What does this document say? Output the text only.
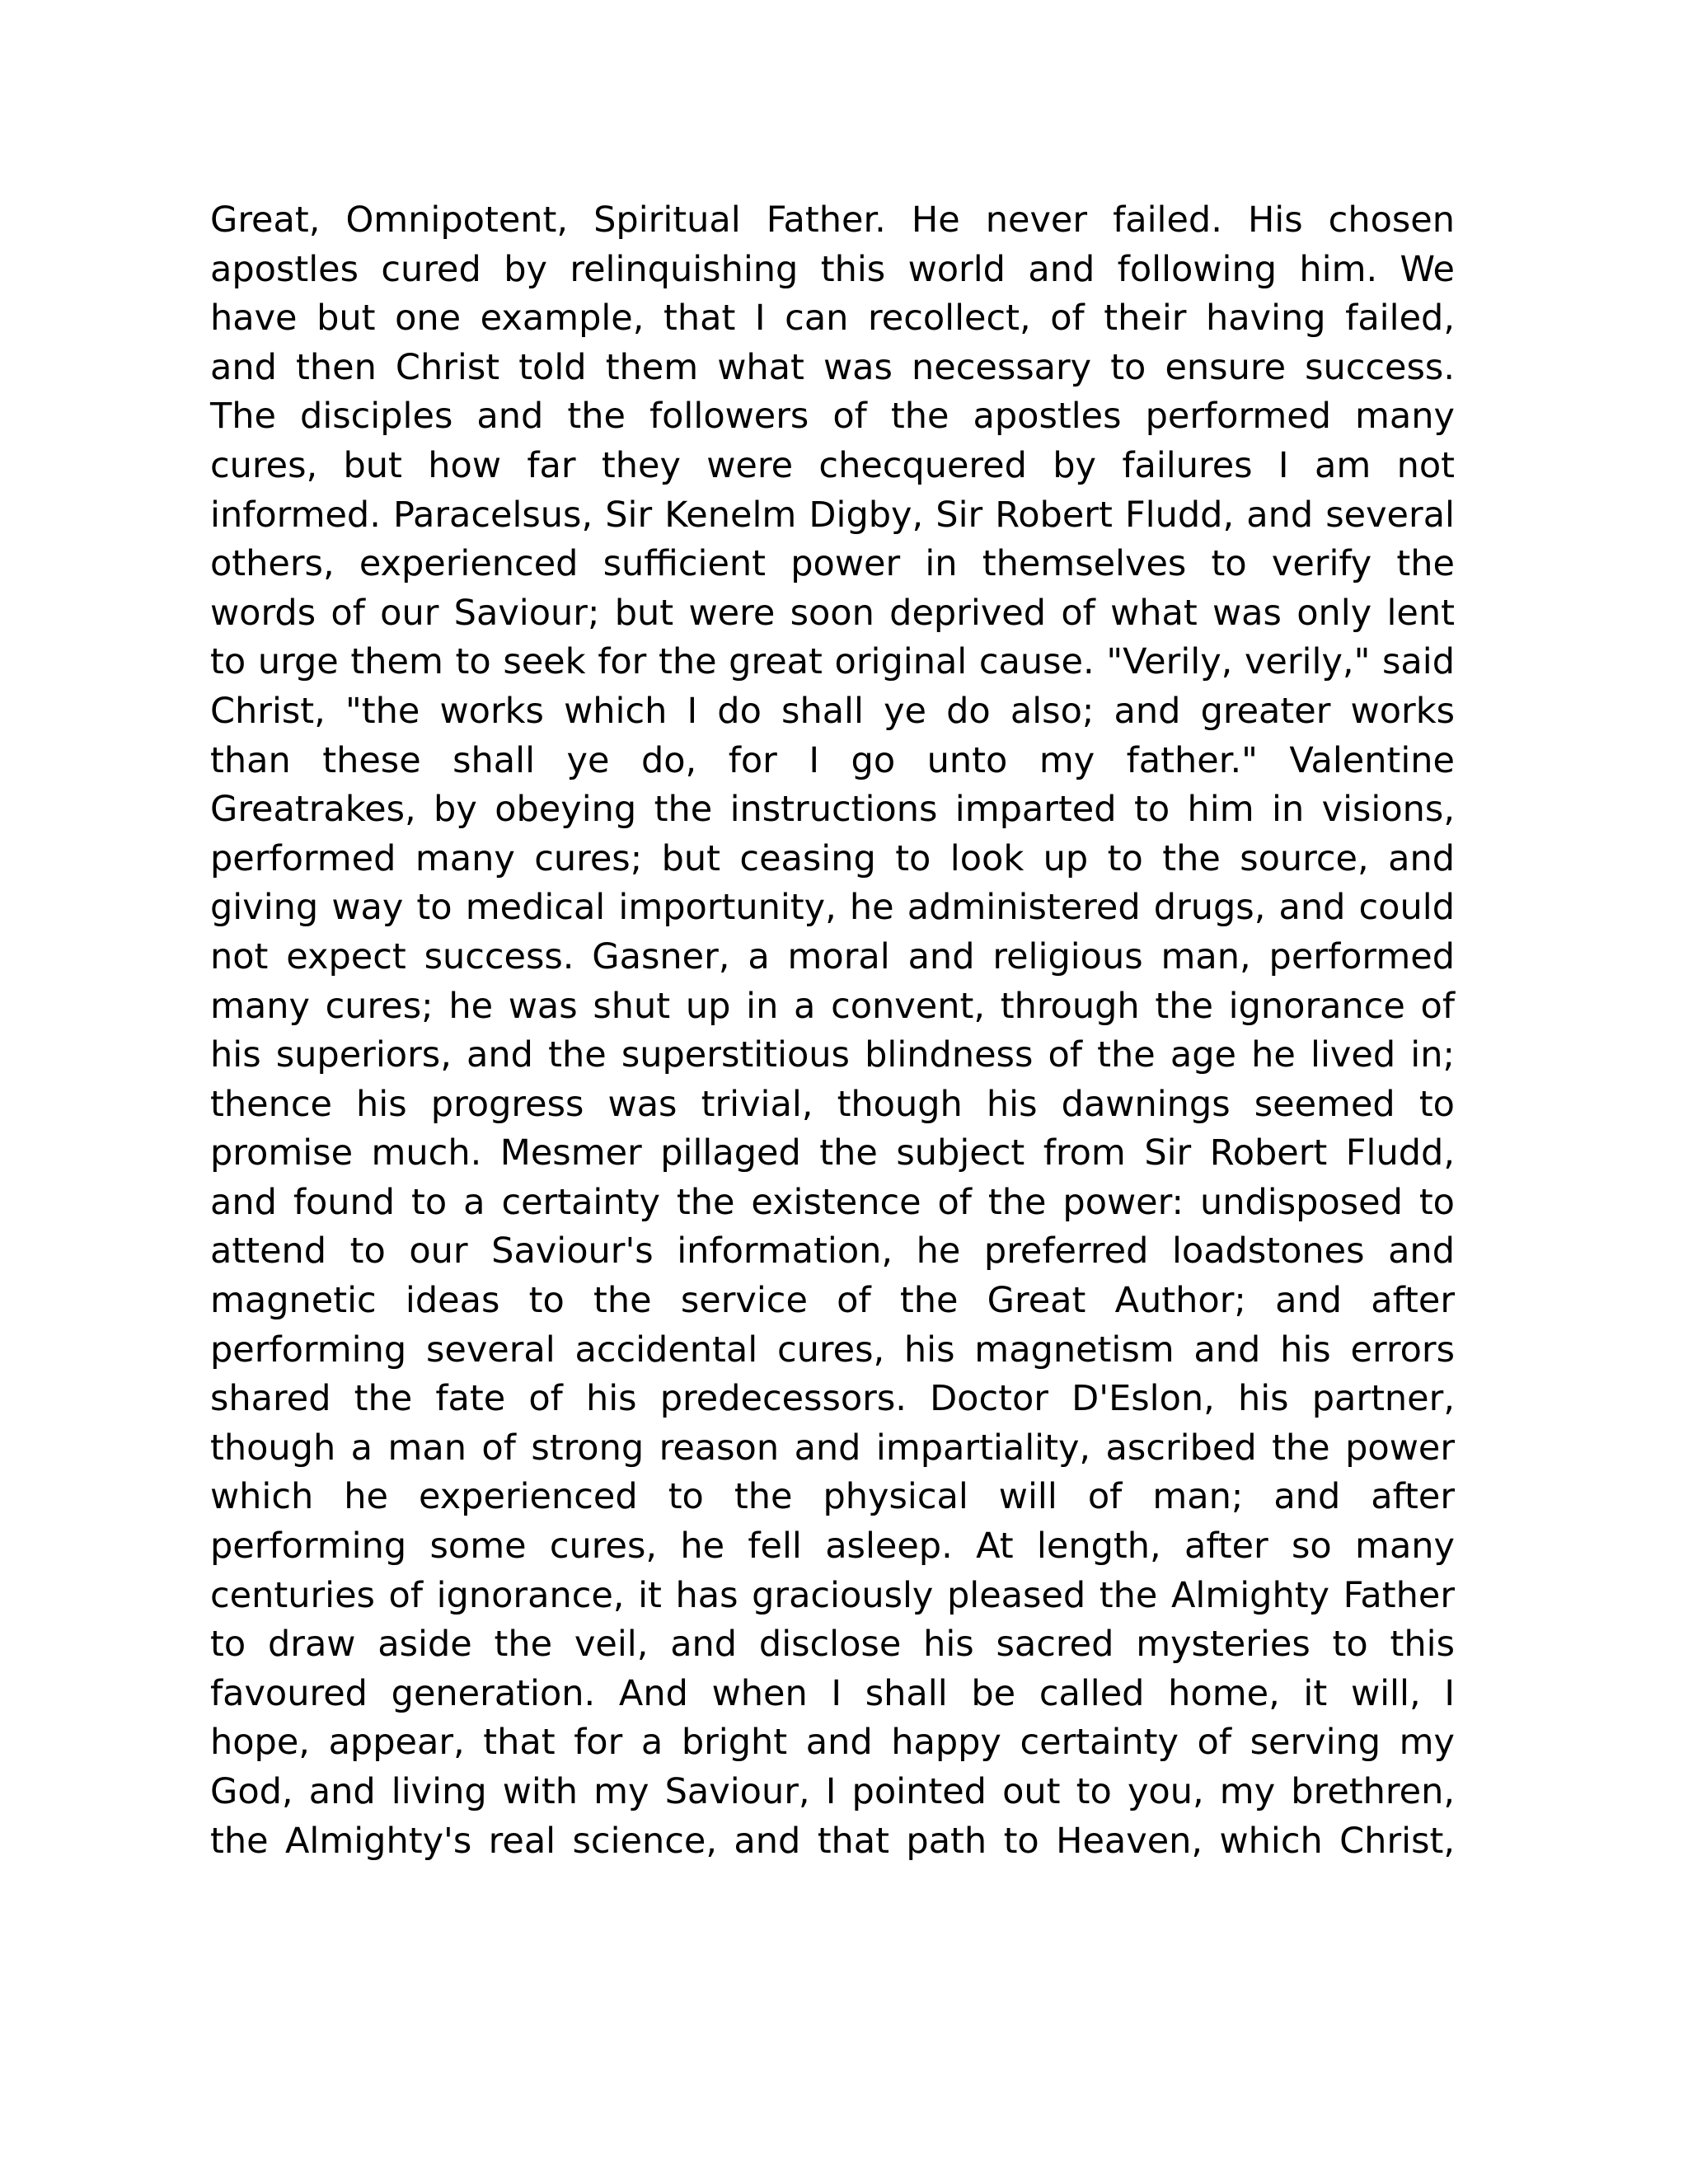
Great, Omnipotent, Spiritual Father. He never failed. His chosen
apostles cured by relinquishing this world and following him. We
have but one example, that I can recollect, of their having failed,
and then Christ told them what was necessary to ensure success.
The disciples and the followers of the apostles performed many
cures, but how far they were checquered by failures I am not
informed. Paracelsus, Sir Kenelm Digby, Sir Robert Fludd, and several
others, experienced sufficient power in themselves to verify the
words of our Saviour; but were soon deprived of what was only lent
to urge them to seek for the great original cause. "Verily, verily," said
Christ, "the works which I do shall ye do also; and greater works
than these shall ye do, for I go unto my father." Valentine
Greatrakes, by obeying the instructions imparted to him in visions,
performed many cures; but ceasing to look up to the source, and
giving way to medical importunity, he administered drugs, and could
not expect success. Gasner, a moral and religious man, performed
many cures; he was shut up in a convent, through the ignorance of
his superiors, and the superstitious blindness of the age he lived in;
thence his progress was trivial, though his dawnings seemed to
promise much. Mesmer pillaged the subject from Sir Robert Fludd,
and found to a certainty the existence of the power: undisposed to
attend to our Saviour's information, he preferred loadstones and
magnetic ideas to the service of the Great Author; and after
performing several accidental cures, his magnetism and his errors
shared the fate of his predecessors. Doctor D'Eslon, his partner,
though a man of strong reason and impartiality, ascribed the power
which he experienced to the physical will of man; and after
performing some cures, he fell asleep. At length, after so many
centuries of ignorance, it has graciously pleased the Almighty Father
to draw aside the veil, and disclose his sacred mysteries to this
favoured generation. And when I shall be called home, it will, I
hope, appear, that for a bright and happy certainty of serving my
God, and living with my Saviour, I pointed out to you, my brethren,
the Almighty's real science, and that path to Heaven, which Christ,
